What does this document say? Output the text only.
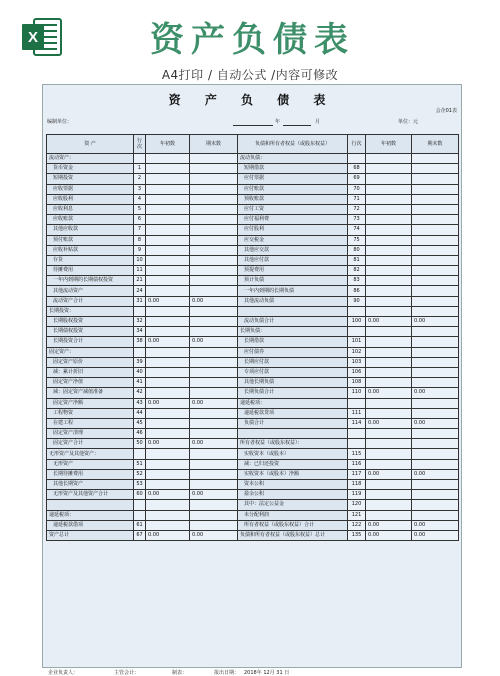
X	资产负债表
A4打印 / 自动公式 /内容可修改
资 产 负 债 表
会企01表
编制单位：	年	月	单位：元
资 产	行次	年初数	期末数	负债和所有者权益（或股东权益）	行次	年初数	期末数
流动资产：				流动负债：			
货币资金	1			短期借款	68		
短期投资	2			应付票据	69		
应收票据	3			应付账款	70		
应收股利	4			预收账款	71		
应收利息	5			应付工资	72		
应收账款	6			应付福利费	73		
其他应收款	7			应付股利	74		
预付账款	8			应交税金	75		
应收补贴款	9			其他应交款	80		
存货	10			其他应付款	81		
待摊费用	11			预提费用	82		
一年内到期的长期债权投资	21			预计负债	83		
其他流动资产	24			一年内到期的长期负债	86		
流动资产合计	31	0.00	0.00	其他流动负债	90		
长期投资：							
长期股权投资	32			流动负债合计	100	0.00	0.00
长期债权投资	34			长期负债：			
长期投资合计	38	0.00	0.00	长期借款	101		
固定资产：				应付债券	102		
固定资产原价	39			长期应付款	103		
减：累计折旧	40			专项应付款	106		
固定资产净值	41			其他长期负债	108		
减：固定资产减值准备	42			长期负债合计	110	0.00	0.00
固定资产净额	43	0.00	0.00	递延税项：			
工程物资	44			递延税款贷项	111		
在建工程	45			负债合计	114	0.00	0.00
固定资产清理	46						
固定资产合计	50	0.00	0.00	所有者权益（或股东权益）：			
无形资产及其他资产：				实收资本（或股本）	115		
无形资产	51			减：已归还投资	116		
长期待摊费用	52			实收资本（或股本）净额	117	0.00	0.00
其他长期资产	53			资本公积	118		
无形资产及其他资产合计	60	0.00	0.00	盈余公积	119		
				其中：法定公益金	120		
递延税项：				未分配利润	121		
递延税款借项	61			所有者权益（或股东权益）合计	122	0.00	0.00
资产总计	67	0.00	0.00	负债和所有者权益（或股东权益）总计	135	0.00	0.00
企业负责人：	主管会计：	制表：	报出日期： 2018年 12月 31 日
